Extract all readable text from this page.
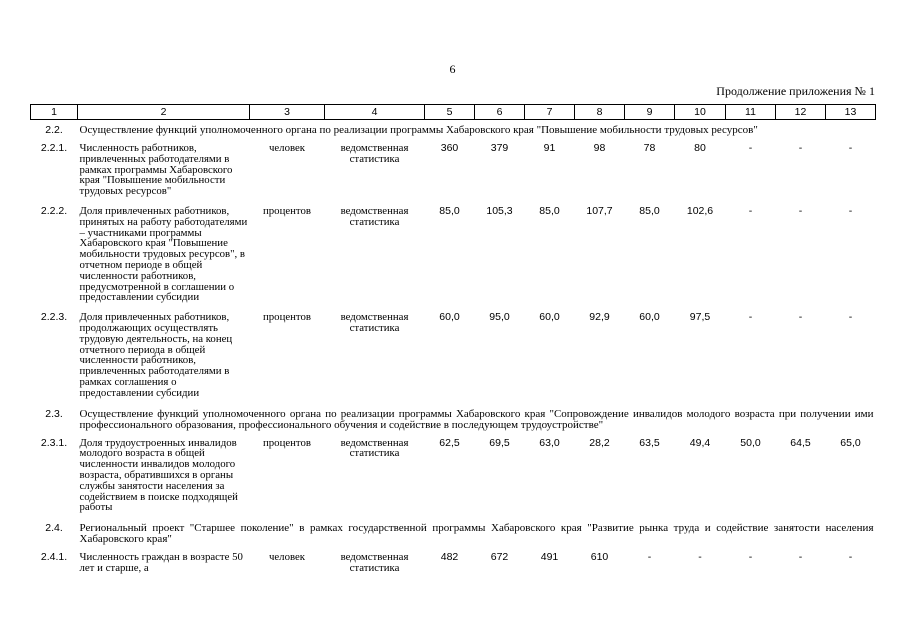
6
Продолжение приложения № 1
1	2	3	4	5	6	7	8	9	10	11	12	13
2.2.	Осуществление функций уполномоченного органа по реализации программы Хабаровского края "Повышение мобильности трудовых ресурсов"											
2.2.1.	Численность работников, привлеченных работодателями в рамках программы Хабаровского края "Повышение мобильности трудовых ресурсов"	человек	ведомственная статистика	360	379	91	98	78	80	-	-	-
2.2.2.	Доля привлеченных работников, принятых на работу работодателями – участниками программы Хабаровского края "Повышение мобильности трудовых ресурсов", в отчетном периоде в общей численности работников, предусмотренной в соглашении о предоставлении субсидии	процентов	ведомственная статистика	85,0	105,3	85,0	107,7	85,0	102,6	-	-	-
2.2.3.	Доля привлеченных работников, продолжающих осуществлять трудовую деятельность, на конец отчетного периода в общей численности работников, привлеченных работодателями в рамках соглашения о предоставлении субсидии	процентов	ведомственная статистика	60,0	95,0	60,0	92,9	60,0	97,5	-	-	-
2.3.	Осуществление функций уполномоченного органа по реализации программы Хабаровского края "Сопровождение инвалидов молодого возраста при получении ими профессионального образования, профессионального обучения и содействие в последующем трудоустройстве"											
2.3.1.	Доля трудоустроенных инвалидов молодого возраста в общей численности инвалидов молодого возраста, обратившихся в органы службы занятости населения за содействием в поиске подходящей работы	процентов	ведомственная статистика	62,5	69,5	63,0	28,2	63,5	49,4	50,0	64,5	65,0
2.4.	Региональный проект "Старшее поколение" в рамках государственной программы Хабаровского края "Развитие рынка труда и содействие занятости населения Хабаровского края"											
2.4.1.	Численность граждан в возрасте 50 лет и старше, а	человек	ведомственная статистика	482	672	491	610	-	-	-	-	-
